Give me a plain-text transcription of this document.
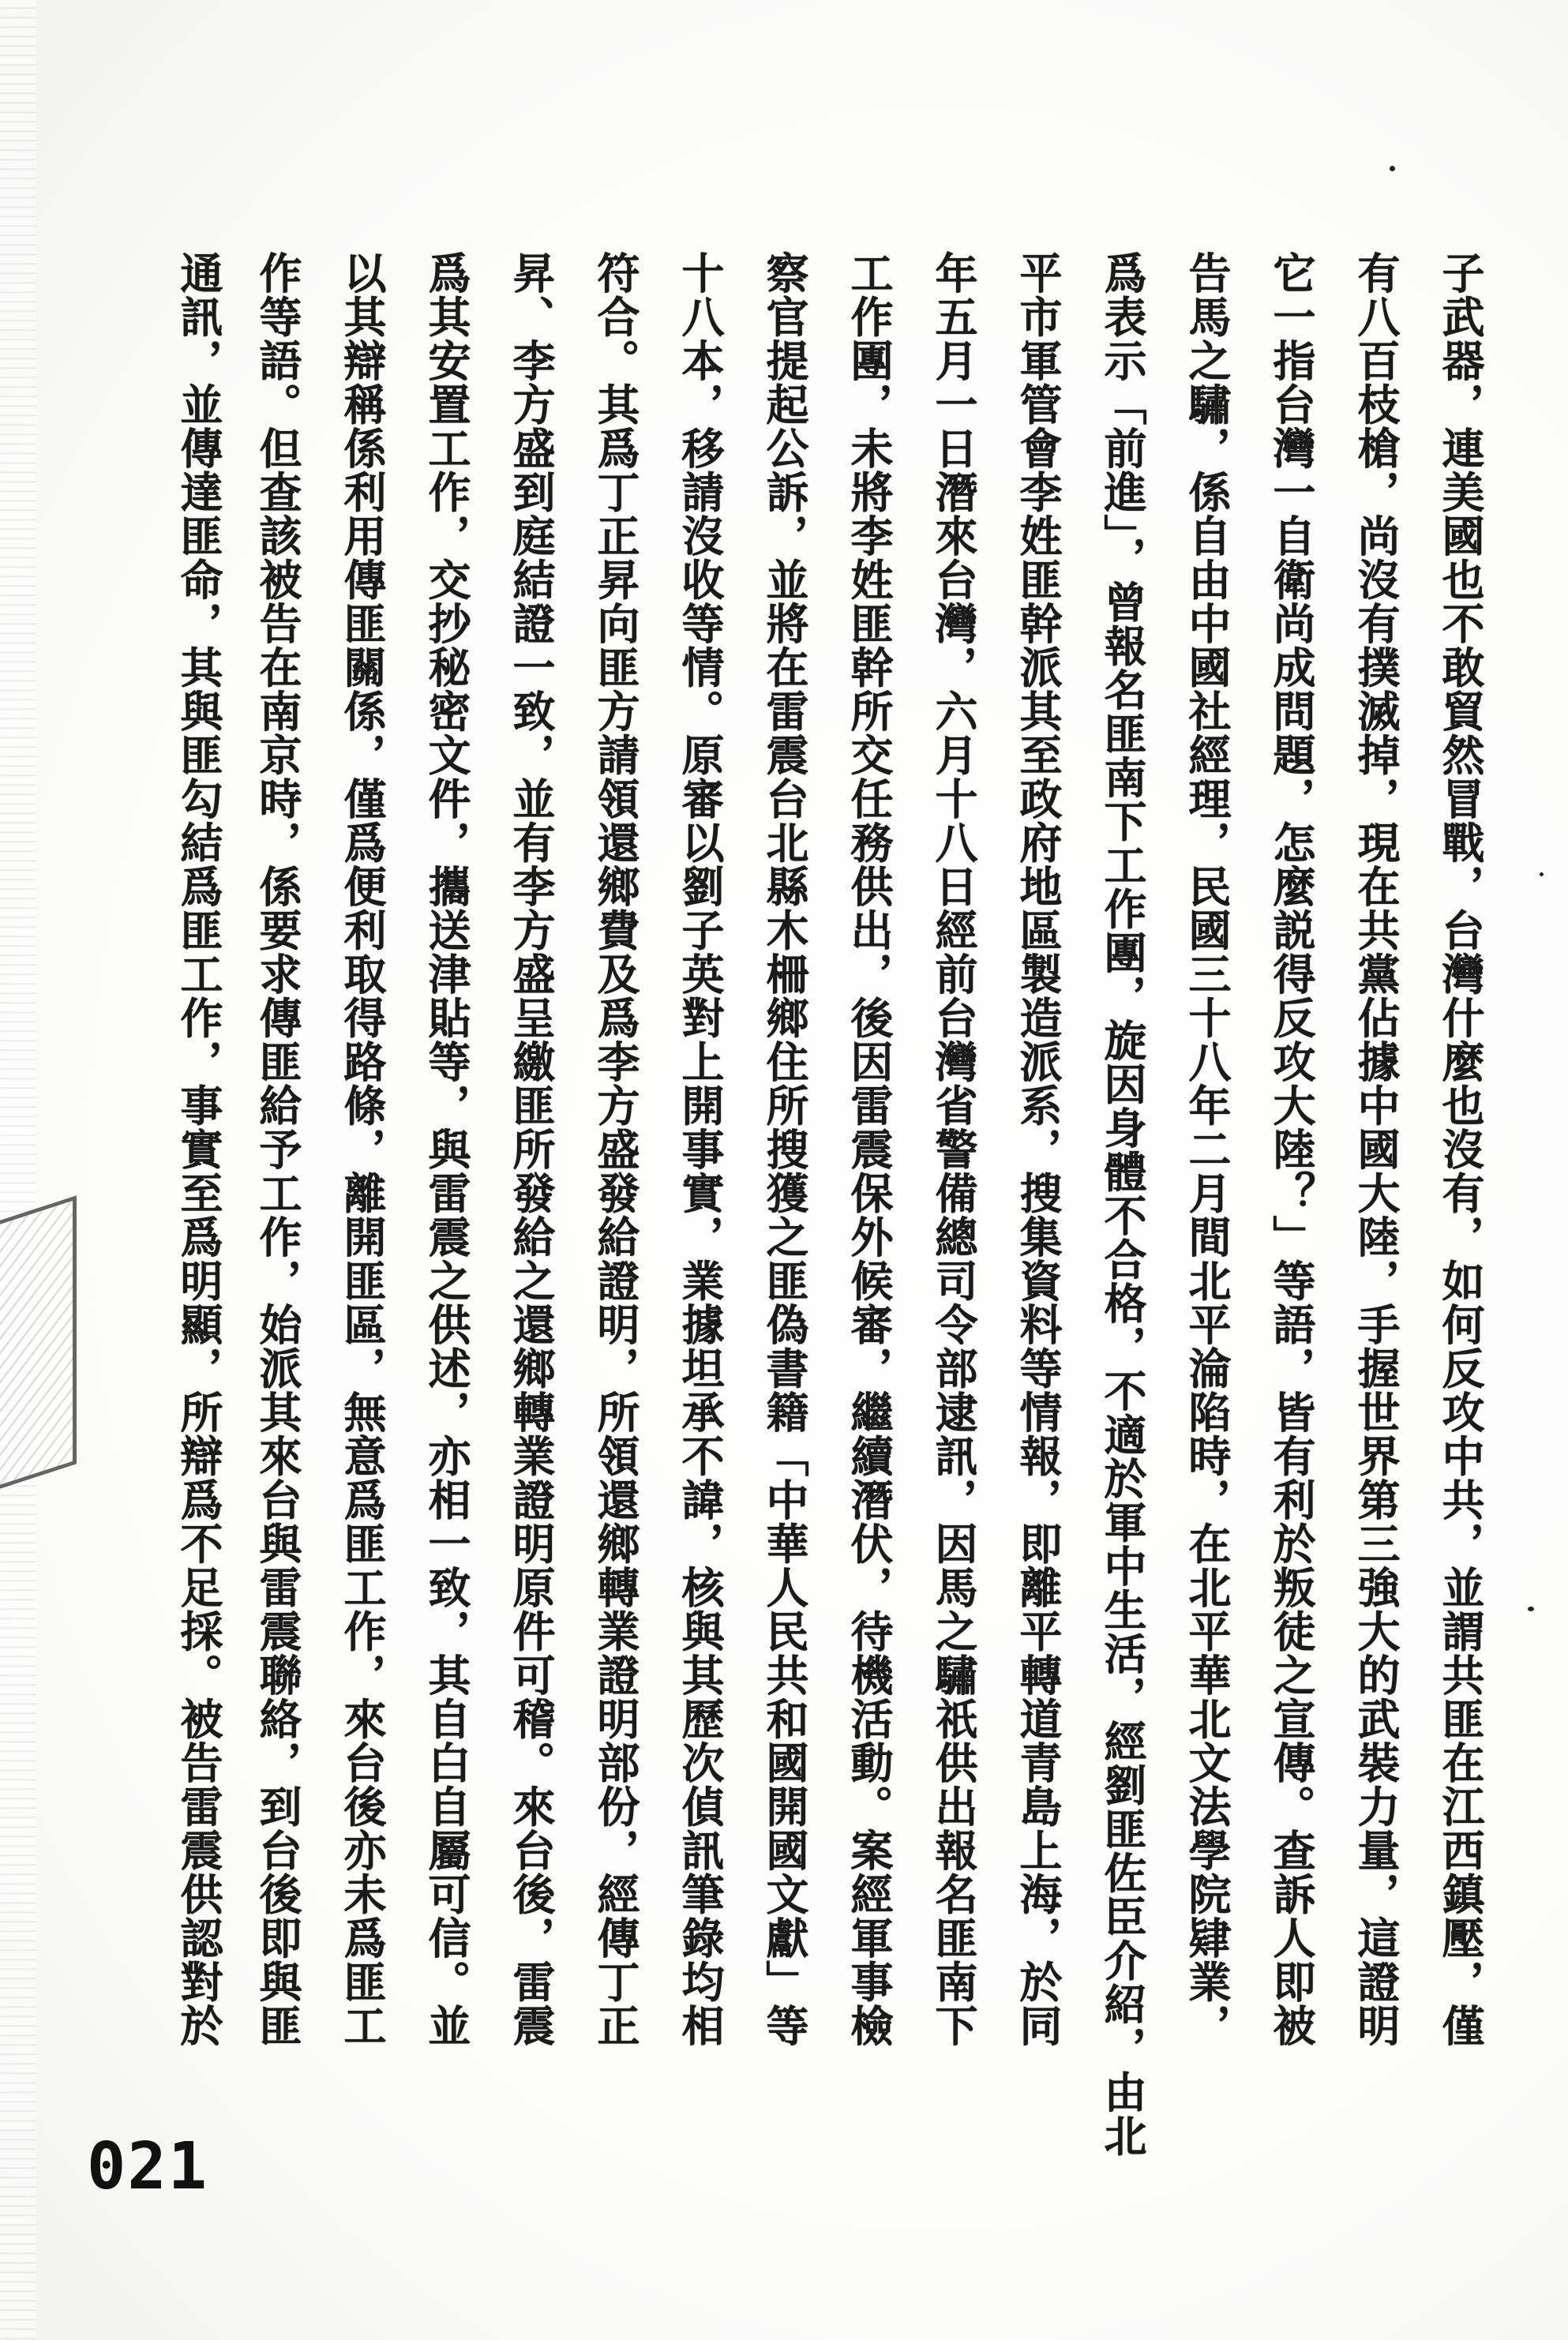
子武器，連美國也不敢貿然冒戰，台灣什麼也沒有，如何反攻中共，並謂共匪在江西鎮壓，僅
有八百枝槍，尚沒有撲滅掉，現在共黨佔據中國大陸，手握世界第三強大的武裝力量，這證明
它一指台灣一自衛尚成問題，怎麼説得反攻大陸？」等語，皆有利於叛徒之宣傳。查訴人即被
告馬之驌，係自由中國社經理，民國三十八年二月間北平淪陷時，在北平華北文法學院肄業，
爲表示「前進」，曾報名匪南下工作團，旋因身體不合格，不適於軍中生活，經劉匪佐臣介紹，由北
平市軍管會李姓匪幹派其至政府地區製造派系，搜集資料等情報，即離平轉道青島上海，於同
年五月一日潛來台灣，六月十八日經前台灣省警備總司令部逮訊，因馬之驌祇供出報名匪南下
工作團，未將李姓匪幹所交任務供出，後因雷震保外候審，繼續潛伏，待機活動。案經軍事檢
察官提起公訴，並將在雷震台北縣木柵鄉住所搜獲之匪偽書籍「中華人民共和國開國文獻」等
十八本，移請沒收等情。原審以劉子英對上開事實，業據坦承不諱，核與其歷次偵訊筆錄均相
符合。其爲丁正昇向匪方請領還鄉費及爲李方盛發給證明，所領還鄉轉業證明部份，經傳丁正
昇、李方盛到庭結證一致，並有李方盛呈繳匪所發給之還鄉轉業證明原件可稽。來台後，雷震
爲其安置工作，交抄秘密文件，攜送津貼等，與雷震之供述，亦相一致，其自白自屬可信。並
以其辯稱係利用傳匪關係，僅爲便利取得路條，離開匪區，無意爲匪工作，來台後亦未爲匪工
作等語。但查該被告在南京時，係要求傳匪給予工作，始派其來台與雷震聯絡，到台後即與匪
通訊，並傳達匪命，其與匪勾結爲匪工作，事實至爲明顯，所辯爲不足採。被告雷震供認對於
021
